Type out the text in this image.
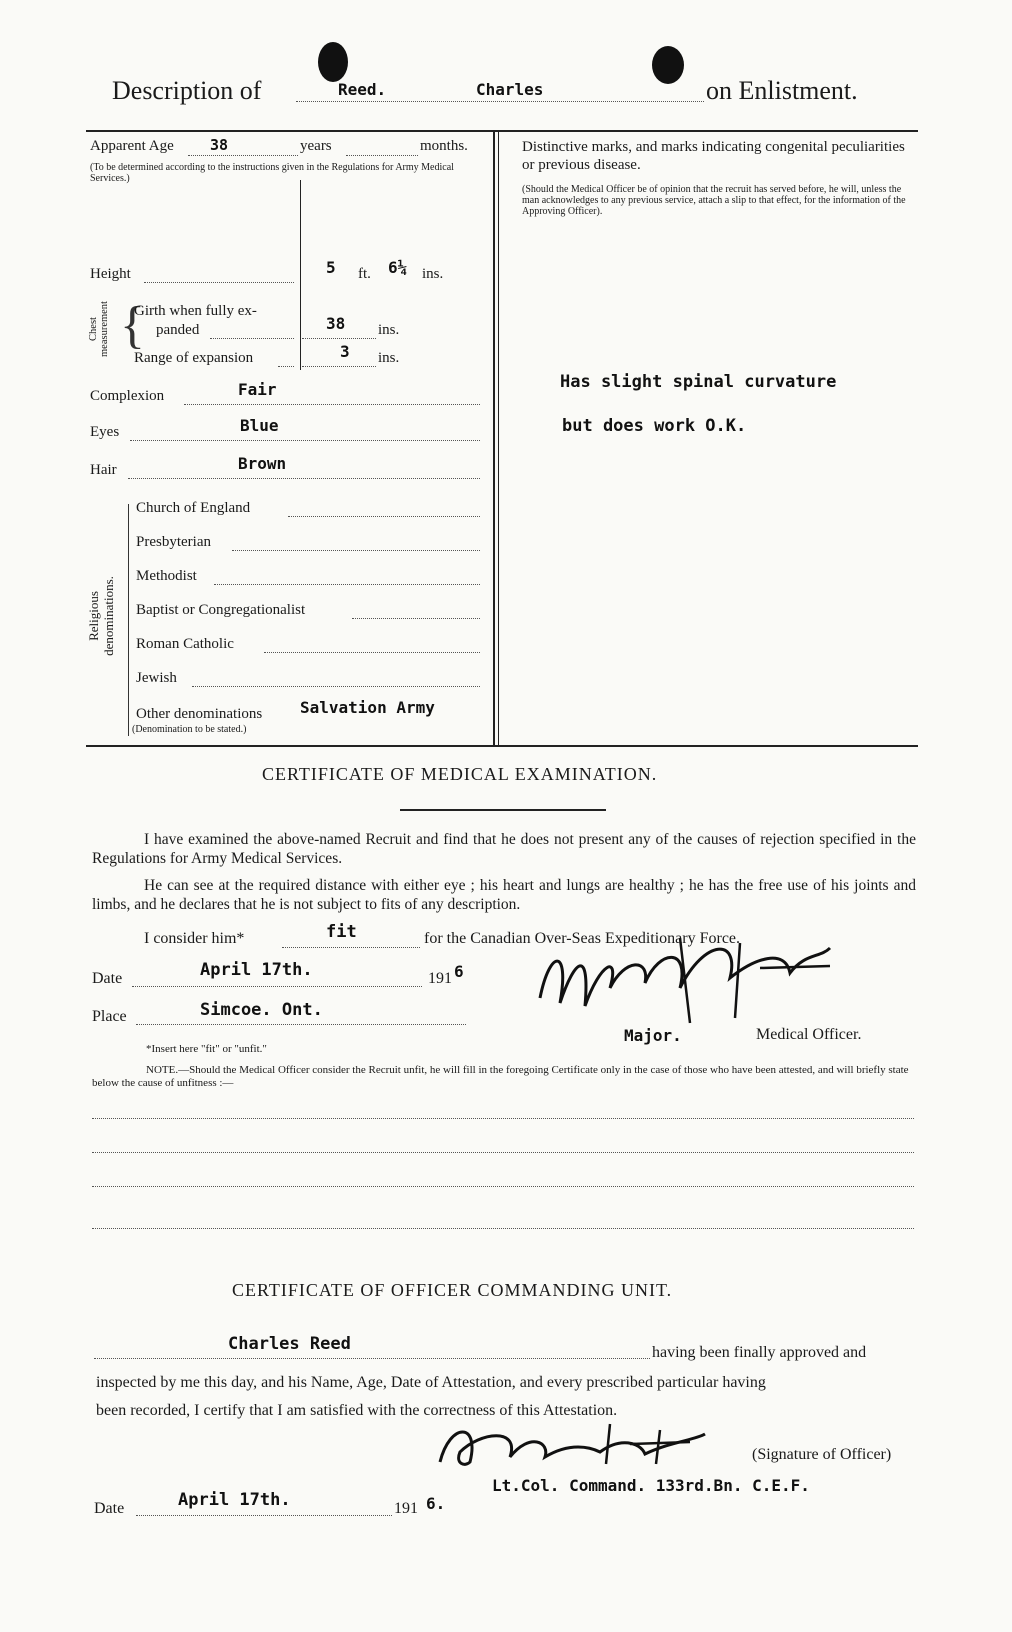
Description of	Reed.	Charles	on Enlistment.
Apparent Age 38	years	months.
(To be determined according to the instructions given in the Regulations for Army Medical Services.)
Height	5 ft. 6¼ ins.
Chest measurement {
Girth when fully ex-
panded	38 ins.
Range of expansion	3 ins.
Complexion	Fair
Eyes	Blue
Hair	Brown
Religious denominations.
Church of England
Presbyterian
Methodist
Baptist or Congregationalist
Roman Catholic
Jewish
Other denominations Salvation Army
(Denomination to be stated.)
Distinctive marks, and marks indicating congenital peculiarities or previous disease.
(Should the Medical Officer be of opinion that the recruit has served before, he will, unless the man acknowledges to any previous service, attach a slip to that effect, for the information of the Approving Officer).
Has slight spinal curvature
but does work O.K.
CERTIFICATE OF MEDICAL EXAMINATION.
I have examined the above-named Recruit and find that he does not present any of the causes of rejection specified in the Regulations for Army Medical Services.
He can see at the required distance with either eye ; his heart and lungs are healthy ; he has the free use of his joints and limbs, and he declares that he is not subject to fits of any description.
I consider him*	fit	for the Canadian Over-Seas Expeditionary Force.
Date	April 17th.	191 6
Place	Simcoe. Ont.
Major.	Medical Officer.
*Insert here "fit" or "unfit."
NOTE.—Should the Medical Officer consider the Recruit unfit, he will fill in the foregoing Certificate only in the case of those who have been attested, and will briefly state below the cause of unfitness :—
CERTIFICATE OF OFFICER COMMANDING UNIT.
Charles Reed	having been finally approved and
inspected by me this day, and his Name, Age, Date of Attestation, and every prescribed particular having
been recorded, I certify that I am satisfied with the correctness of this Attestation.
(Signature of Officer)
Lt.Col. Command. 133rd.Bn. C.E.F.
Date	April 17th.	191 6.
